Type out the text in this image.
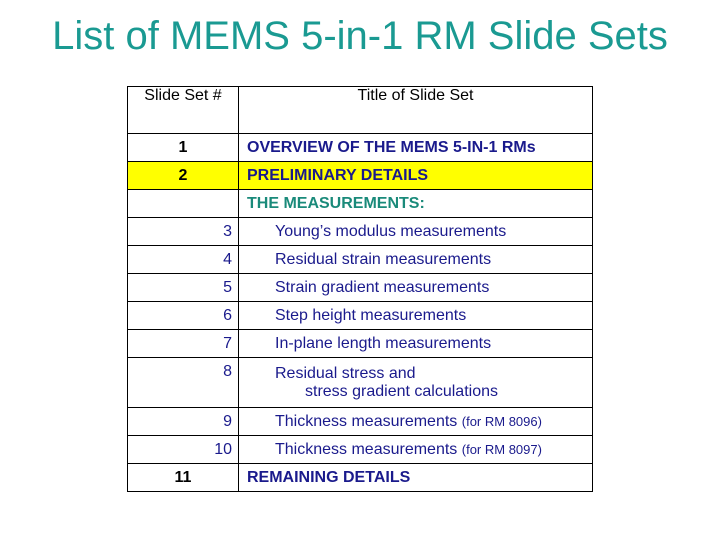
List of MEMS 5-in-1 RM Slide Sets
Slide Set #	Title of Slide Set
1	OVERVIEW OF THE MEMS 5-IN-1 RMs
2	PRELIMINARY DETAILS
	THE MEASUREMENTS:
3	Young’s modulus measurements
4	Residual strain measurements
5	Strain gradient measurements
6	Step height measurements
7	In-plane length measurements
8	Residual stress and
stress gradient calculations

9	Thickness measurements (for RM 8096)
10	Thickness measurements (for RM 8097)
11	REMAINING DETAILS
